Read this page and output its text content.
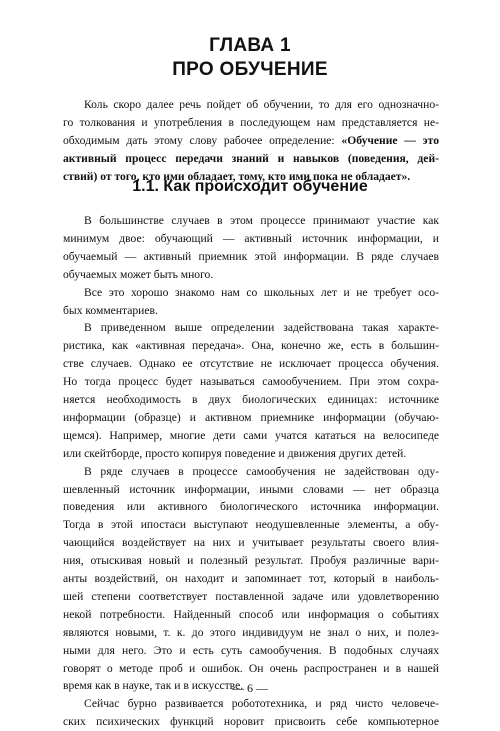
ГЛАВА 1
ПРО ОБУЧЕНИЕ
1.1. Как происходит обучение
— 6 —
Коль скоро далее речь пойдет об обучении, то для его однозначно-
го толкования и употребления в последующем нам представляется не-
обходимым дать этому слову рабочее определение: «Обучение — это
активный процесс передачи знаний и навыков (поведения, дей-
ствий) от того, кто ими обладает, тому, кто ими пока не обладает».
В большинстве случаев в этом процессе принимают участие как
минимум двое: обучающий — активный источник информации, и
обучаемый — активный приемник этой информации. В ряде случаев
обучаемых может быть много.
Все это хорошо знакомо нам со школьных лет и не требует осо-
бых комментариев.
В приведенном выше определении задействована такая характе-
ристика, как «активная передача». Она, конечно же, есть в большин-
стве случаев. Однако ее отсутствие не исключает процесса обучения.
Но тогда процесс будет называться самообучением. При этом сохра-
няется необходимость в двух биологических единицах: источнике
информации (образце) и активном приемнике информации (обучаю-
щемся). Например, многие дети сами учатся кататься на велосипеде
или скейтборде, просто копируя поведение и движения других детей.
В ряде случаев в процессе самообучения не задействован оду-
шевленный источник информации, иными словами — нет образца
поведения или активного биологического источника информации.
Тогда в этой ипостаси выступают неодушевленные элементы, а обу-
чающийся воздействует на них и учитывает результаты своего влия-
ния, отыскивая новый и полезный результат. Пробуя различные вари-
анты воздействий, он находит и запоминает тот, который в наиболь-
шей степени соответствует поставленной задаче или удовлетворению
некой потребности. Найденный способ или информация о событиях
являются новыми, т. к. до этого индивидуум не знал о них, и полез-
ными для него. Это и есть суть самообучения. В подобных случаях
говорят о методе проб и ошибок. Он очень распространен и в нашей
время как в науке, так и в искусстве.
Сейчас бурно развивается робототехника, и ряд чисто человече-
ских психических функций норовит присвоить себе компьютерное
